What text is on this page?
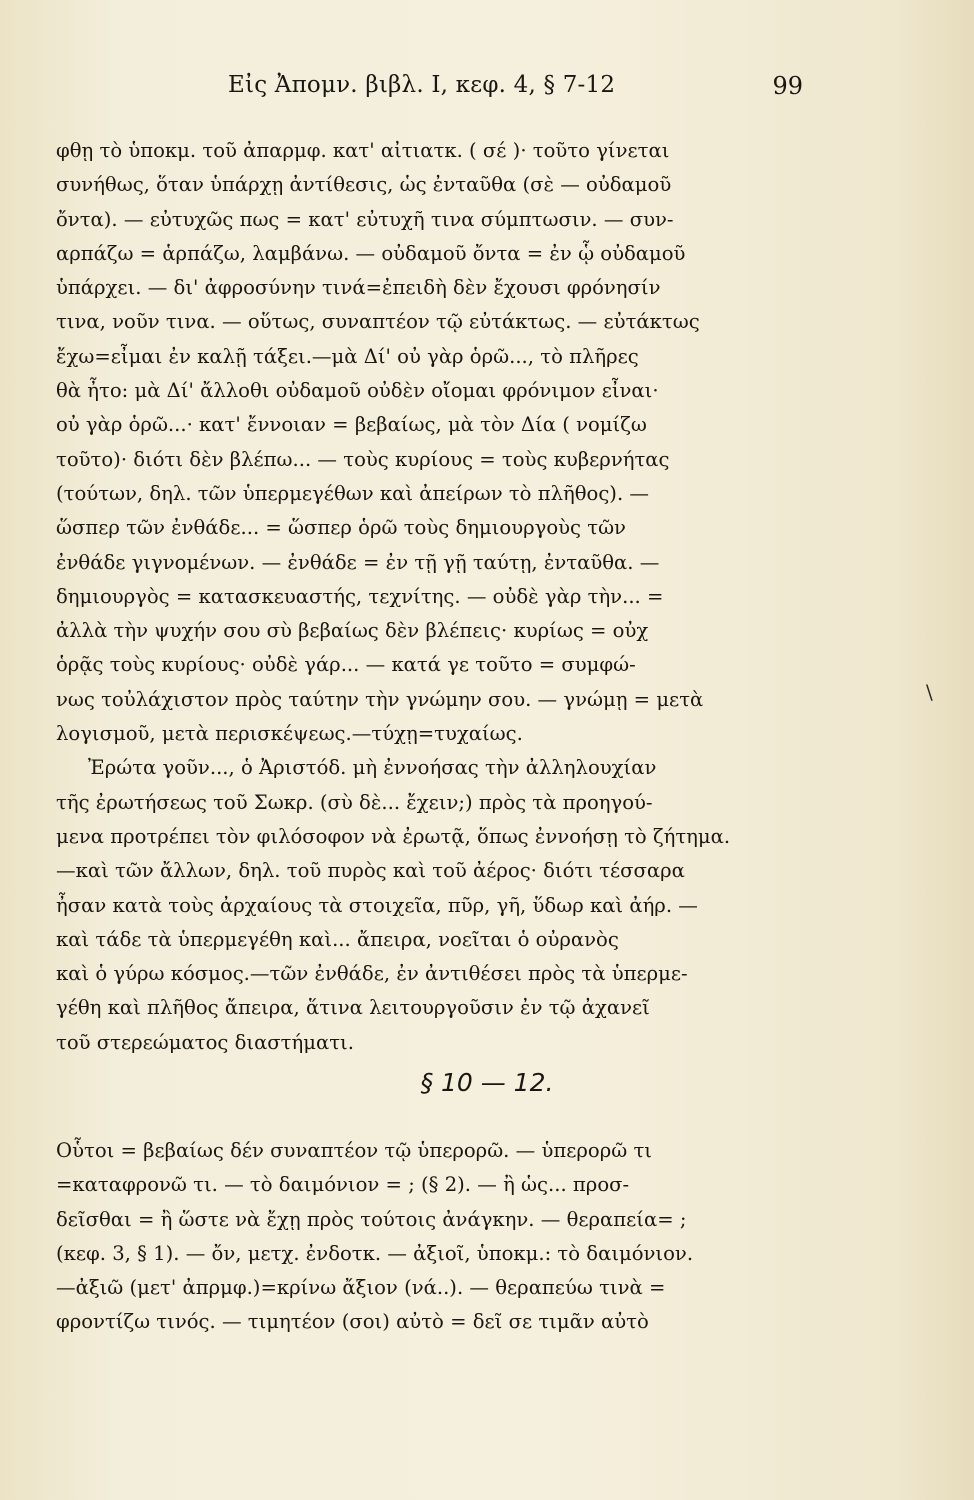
Εἰς Ἀπομν. βιβλ. I, κεφ. 4, § 7-12	99
φθῃ τὸ ὑποκμ. τοῦ ἀπαρμφ. κατ' αἰτιατκ. ( σέ )· τοῦτο γίνεται
συνήθως, ὅταν ὑπάρχῃ ἀντίθεσις, ὡς ἐνταῦθα (σὲ — οὐδαμοῦ
ὄντα). — εὐτυχῶς πως = κατ' εὐτυχῆ τινα σύμπτωσιν. — συν-
αρπάζω = ἁρπάζω, λαμβάνω. — οὐδαμοῦ ὄντα = ἐν ᾧ οὐδαμοῦ
ὑπάρχει. — δι' ἀφροσύνην τινά=ἐπειδὴ δὲν ἔχουσι φρόνησίν
τινα, νοῦν τινα. — οὕτως, συναπτέον τῷ εὐτάκτως. — εὐτάκτως
ἔχω=εἶμαι ἐν καλῇ τάξει.—μὰ Δί' οὐ γὰρ ὁρῶ..., τὸ πλῆρες
θὰ ἦτο: μὰ Δί' ἄλλοθι οὐδαμοῦ οὐδὲν οἴομαι φρόνιμον εἶναι·
οὐ γὰρ ὁρῶ...· κατ' ἔννοιαν = βεβαίως, μὰ τὸν Δία ( νομίζω
τοῦτο)· διότι δὲν βλέπω... — τοὺς κυρίους = τοὺς κυβερνήτας
(τούτων, δηλ. τῶν ὑπερμεγέθων καὶ ἀπείρων τὸ πλῆθος). —
ὥσπερ τῶν ἐνθάδε... = ὥσπερ ὁρῶ τοὺς δημιουργοὺς τῶν
ἐνθάδε γιγνομένων. — ἐνθάδε = ἐν τῇ γῇ ταύτῃ, ἐνταῦθα. —
δημιουργὸς = κατασκευαστής, τεχνίτης. — οὐδὲ γὰρ τὴν... =
ἀλλὰ τὴν ψυχήν σου σὺ βεβαίως δὲν βλέπεις· κυρίως = οὐχ
ὁρᾷς τοὺς κυρίους· οὐδὲ γάρ... — κατά γε τοῦτο = συμφώ-
νως τοὐλάχιστον πρὸς ταύτην τὴν γνώμην σου. — γνώμῃ = μετὰ
λογισμοῦ, μετὰ περισκέψεως.—τύχῃ=τυχαίως.
Ἐρώτα γοῦν..., ὁ Ἀριστόδ. μὴ ἐννοήσας τὴν ἀλληλουχίαν
τῆς ἐρωτήσεως τοῦ Σωκρ. (σὺ δὲ... ἔχειν;) πρὸς τὰ προηγού-
μενα προτρέπει τὸν φιλόσοφον νὰ ἐρωτᾷ, ὅπως ἐννοήσῃ τὸ ζήτημα.
—καὶ τῶν ἄλλων, δηλ. τοῦ πυρὸς καὶ τοῦ ἀέρος· διότι τέσσαρα
ἦσαν κατὰ τοὺς ἀρχαίους τὰ στοιχεῖα, πῦρ, γῆ, ὕδωρ καὶ ἀήρ. —
καὶ τάδε τὰ ὑπερμεγέθη καὶ... ἄπειρα, νοεῖται ὁ οὐρανὸς
καὶ ὁ γύρω κόσμος.—τῶν ἐνθάδε, ἐν ἀντιθέσει πρὸς τὰ ὑπερμε-
γέθη καὶ πλῆθος ἄπειρα, ἅτινα λειτουργοῦσιν ἐν τῷ ἀχανεῖ
τοῦ στερεώματος διαστήματι.
§ 10 — 12.
Οὗτοι = βεβαίως δέν συναπτέον τῷ ὑπερορῶ. — ὑπερορῶ τι
=καταφρονῶ τι. — τὸ δαιμόνιον = ; (§ 2). — ἢ ὡς... προσ-
δεῖσθαι = ἢ ὥστε νὰ ἔχῃ πρὸς τούτοις ἀνάγκην. — θεραπεία= ;
(κεφ. 3, § 1). — ὄν, μετχ. ἐνδοτκ. — ἀξιοῖ, ὑποκμ.: τὸ δαιμόνιον.
—ἀξιῶ (μετ' ἀπρμφ.)=κρίνω ἄξιον (νά..). — θεραπεύω τινὰ =
φροντίζω τινός. — τιμητέον (σοι) αὐτὸ = δεῖ σε τιμᾶν αὐτὸ
\
